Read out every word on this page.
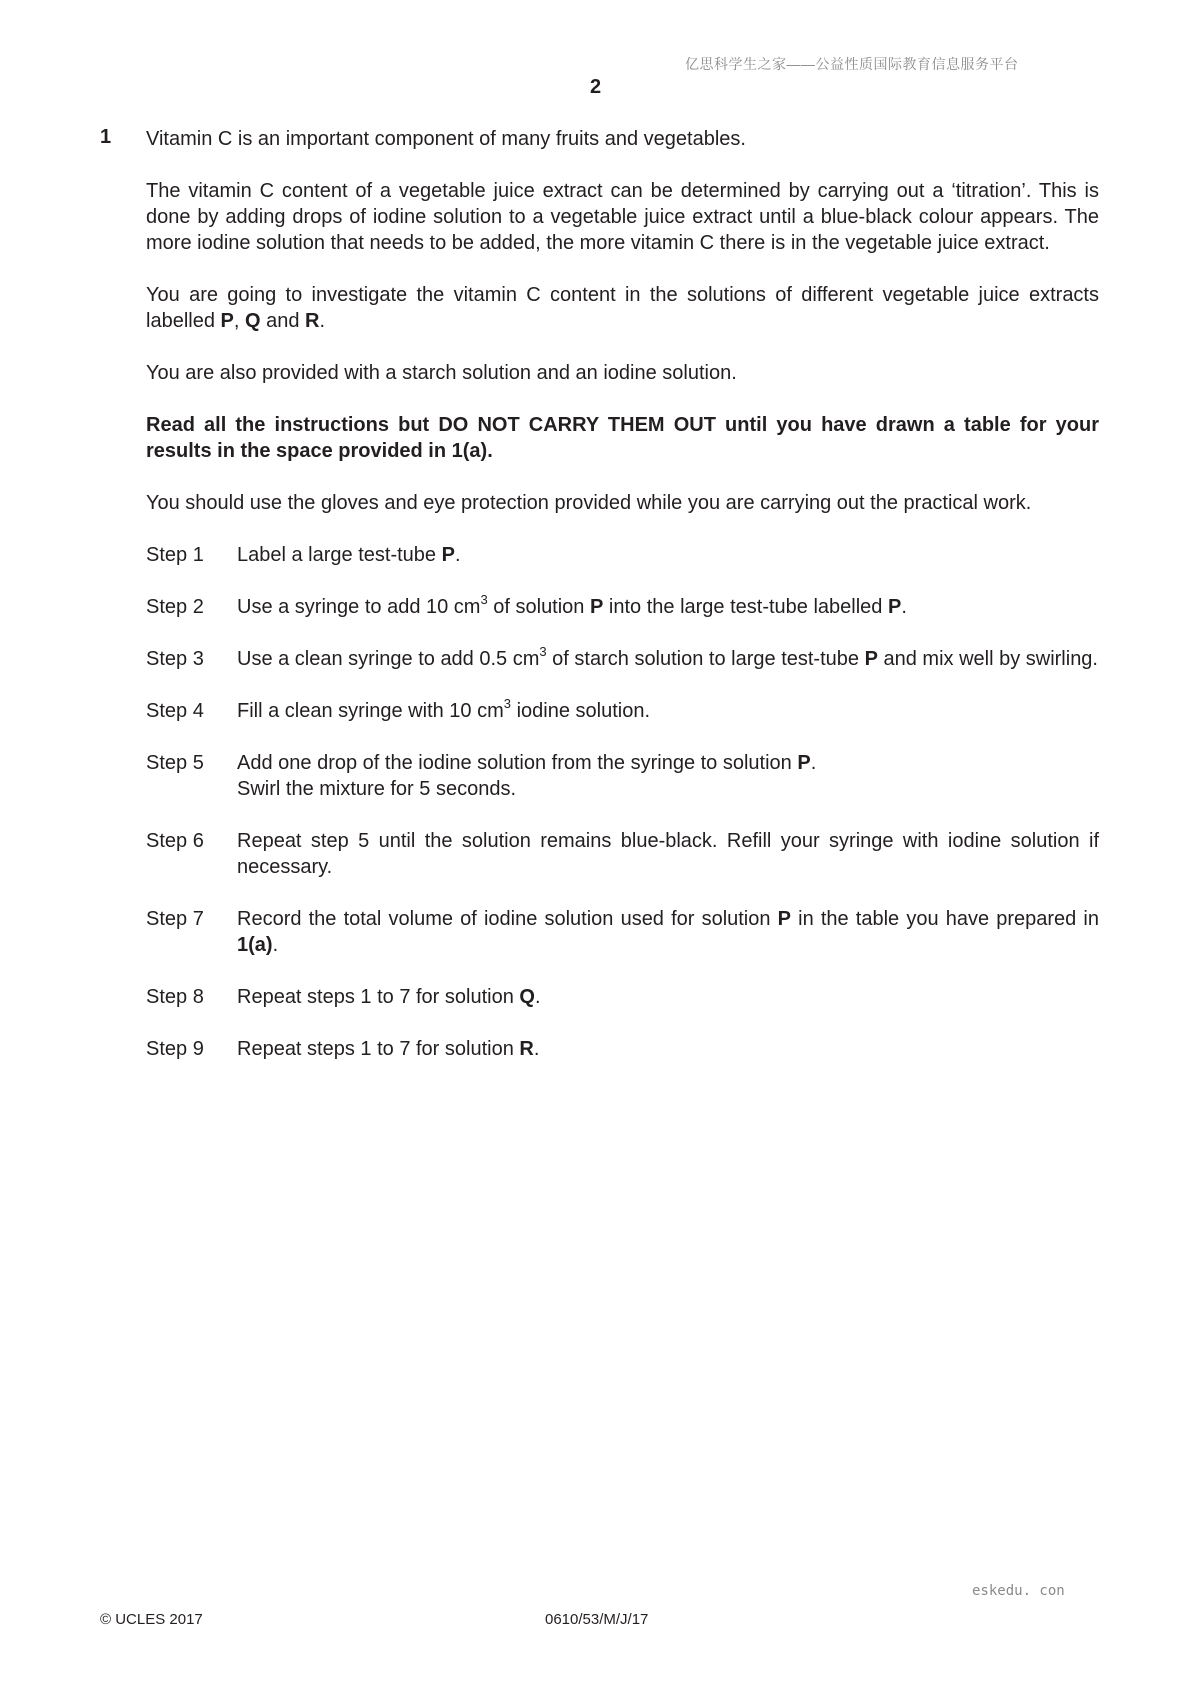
亿思科学生之家——公益性质国际教育信息服务平台
2
1 Vitamin C is an important component of many fruits and vegetables.

The vitamin C content of a vegetable juice extract can be determined by carrying out a ‘titration’. This is done by adding drops of iodine solution to a vegetable juice extract until a blue-black colour appears. The more iodine solution that needs to be added, the more vitamin C there is in the vegetable juice extract.

You are going to investigate the vitamin C content in the solutions of different vegetable juice extracts labelled P, Q and R.

You are also provided with a starch solution and an iodine solution.

Read all the instructions but DO NOT CARRY THEM OUT until you have drawn a table for your results in the space provided in 1(a).

You should use the gloves and eye protection provided while you are carrying out the practical work.

Step 1	Label a large test-tube P.
Step 2	Use a syringe to add 10 $cm^3$ of solution P into the large test-tube labelled P.
Step 3	Use a clean syringe to add 0.5 $cm^3$ of starch solution to large test-tube P and mix well by swirling.
Step 4	Fill a clean syringe with 10 $cm^3$ iodine solution.
Step 5	Add one drop of the iodine solution from the syringe to solution P.
Swirl the mixture for 5 seconds.
Step 6	Repeat step 5 until the solution remains blue-black. Refill your syringe with iodine solution if necessary.
Step 7	Record the total volume of iodine solution used for solution P in the table you have prepared in 1(a).
Step 8	Repeat steps 1 to 7 for solution Q.
Step 9	Repeat steps 1 to 7 for solution R.
eskedu. con
© UCLES 2017	0610/53/M/J/17
